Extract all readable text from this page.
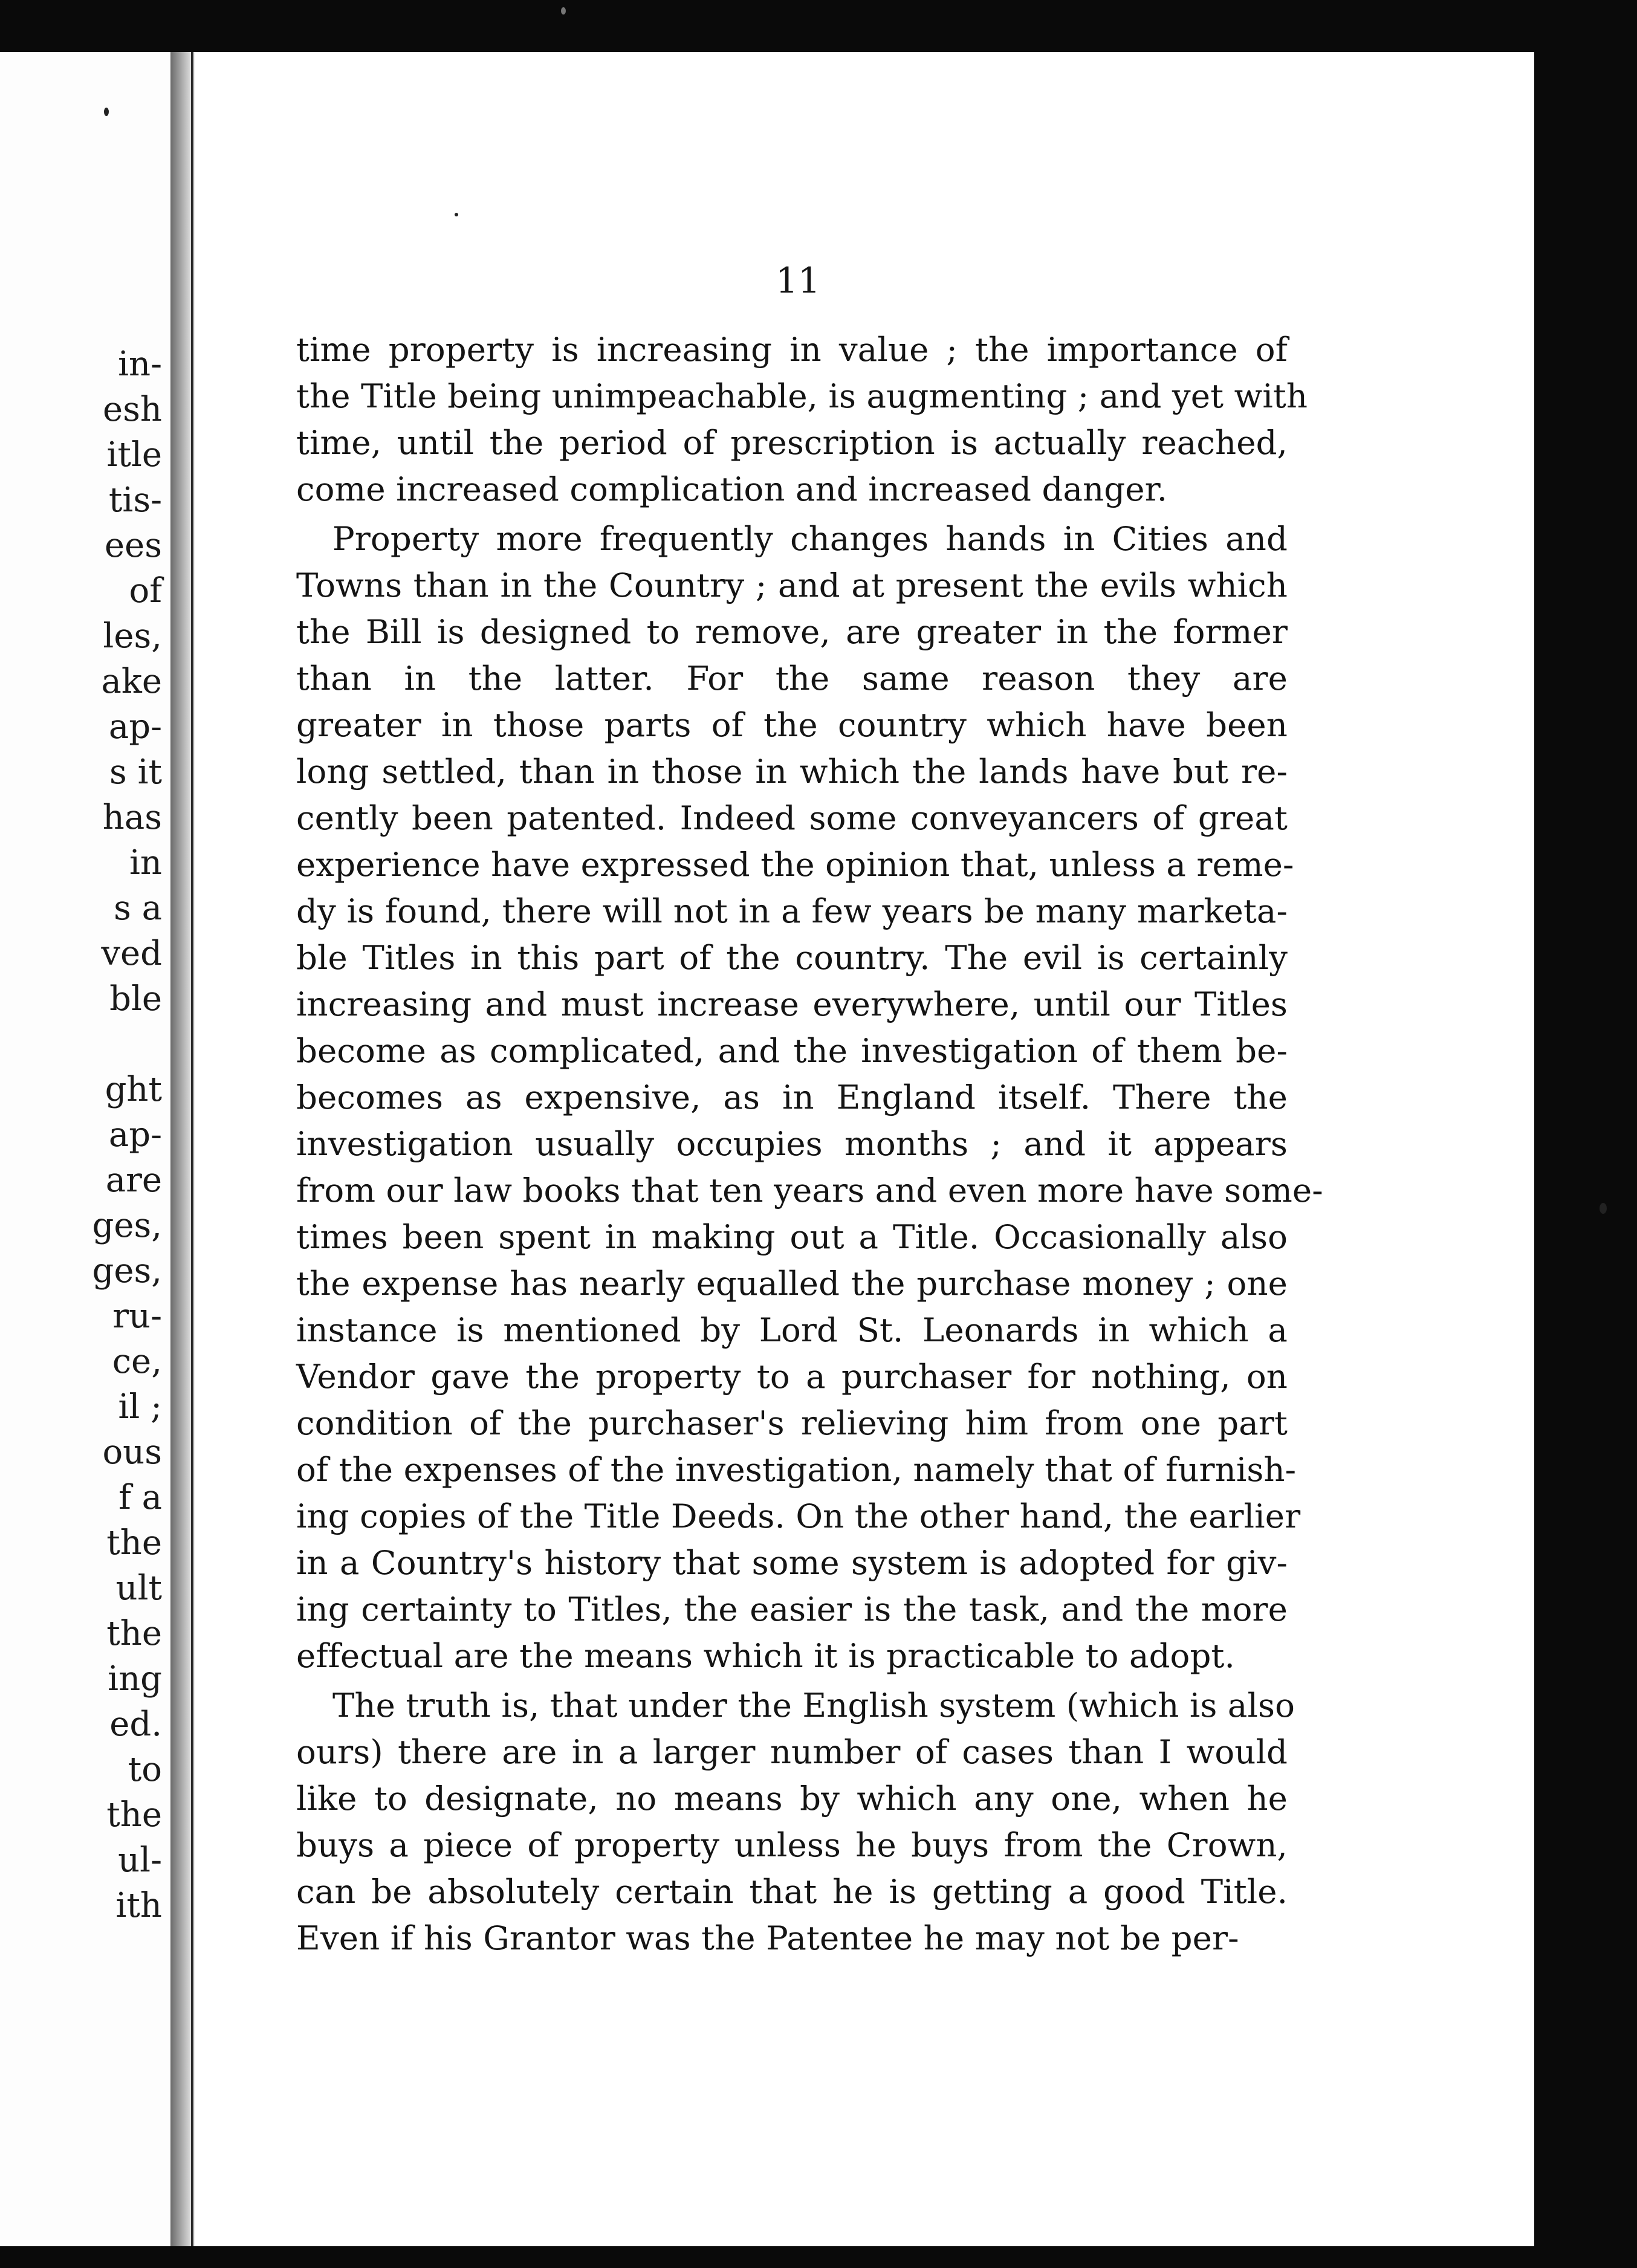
in-
esh
itle
tis-
ees
of
les,
ake
ap-
s it
has
in
s a
ved
ble
ght
ap-
are
ges,
ges,
ru-
ce,
il ;
ous
f a
the
ult
the
ing
ed.
to
the
ul-
ith
11
time property is increasing in value ; the importance of
the Title being unimpeachable, is augmenting ; and yet with
time, until the period of prescription is actually reached,
come increased complication and increased danger.
Property more frequently changes hands in Cities and
Towns than in the Country ; and at present the evils which
the Bill is designed to remove, are greater in the former
than in the latter. For the same reason they are
greater in those parts of the country which have been
long settled, than in those in which the lands have but re-
cently been patented. Indeed some conveyancers of great
experience have expressed the opinion that, unless a reme-
dy is found, there will not in a few years be many marketa-
ble Titles in this part of the country. The evil is certainly
increasing and must increase everywhere, until our Titles
become as complicated, and the investigation of them be-
becomes as expensive, as in England itself. There the
investigation usually occupies months ; and it appears
from our law books that ten years and even more have some-
times been spent in making out a Title. Occasionally also
the expense has nearly equalled the purchase money ; one
instance is mentioned by Lord St. Leonards in which a
Vendor gave the property to a purchaser for nothing, on
condition of the purchaser's relieving him from one part
of the expenses of the investigation, namely that of furnish-
ing copies of the Title Deeds. On the other hand, the earlier
in a Country's history that some system is adopted for giv-
ing certainty to Titles, the easier is the task, and the more
effectual are the means which it is practicable to adopt.
The truth is, that under the English system (which is also
ours) there are in a larger number of cases than I would
like to designate, no means by which any one, when he
buys a piece of property unless he buys from the Crown,
can be absolutely certain that he is getting a good Title.
Even if his Grantor was the Patentee he may not be per-
